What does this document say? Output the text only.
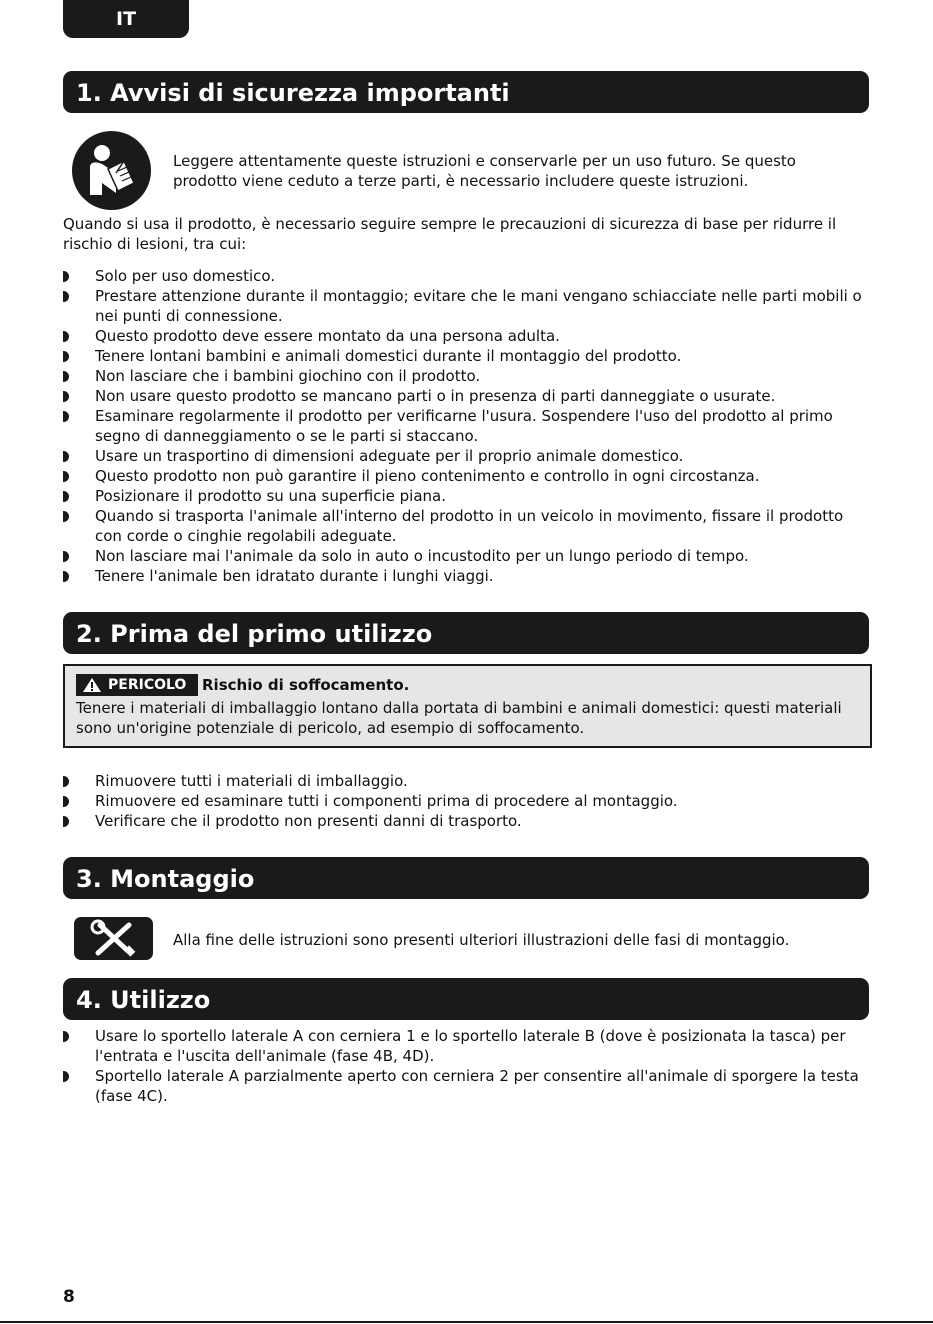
IT
1. Avvisi di sicurezza importanti
Leggere attentamente queste istruzioni e conservarle per un uso futuro. Se questo prodotto viene ceduto a terze parti, è necessario includere queste istruzioni.
Quando si usa il prodotto, è necessario seguire sempre le precauzioni di sicurezza di base per ridurre il rischio di lesioni, tra cui:
Solo per uso domestico.
Prestare attenzione durante il montaggio; evitare che le mani vengano schiacciate nelle parti mobili o nei punti di connessione.
Questo prodotto deve essere montato da una persona adulta.
Tenere lontani bambini e animali domestici durante il montaggio del prodotto.
Non lasciare che i bambini giochino con il prodotto.
Non usare questo prodotto se mancano parti o in presenza di parti danneggiate o usurate.
Esaminare regolarmente il prodotto per verificarne l'usura. Sospendere l'uso del prodotto al primo segno di danneggiamento o se le parti si staccano.
Usare un trasportino di dimensioni adeguate per il proprio animale domestico.
Questo prodotto non può garantire il pieno contenimento e controllo in ogni circostanza.
Posizionare il prodotto su una superficie piana.
Quando si trasporta l'animale all'interno del prodotto in un veicolo in movimento, fissare il prodotto con corde o cinghie regolabili adeguate.
Non lasciare mai l'animale da solo in auto o incustodito per un lungo periodo di tempo.
Tenere l'animale ben idratato durante i lunghi viaggi.
2. Prima del primo utilizzo
PERICOLO Rischio di soffocamento.
Tenere i materiali di imballaggio lontano dalla portata di bambini e animali domestici: questi materiali sono un'origine potenziale di pericolo, ad esempio di soffocamento.
Rimuovere tutti i materiali di imballaggio.
Rimuovere ed esaminare tutti i componenti prima di procedere al montaggio.
Verificare che il prodotto non presenti danni di trasporto.
3. Montaggio
Alla fine delle istruzioni sono presenti ulteriori illustrazioni delle fasi di montaggio.
4. Utilizzo
Usare lo sportello laterale A con cerniera 1 e lo sportello laterale B (dove è posizionata la tasca) per l'entrata e l'uscita dell'animale (fase 4B, 4D).
Sportello laterale A parzialmente aperto con cerniera 2 per consentire all'animale di sporgere la testa (fase 4C).
8
